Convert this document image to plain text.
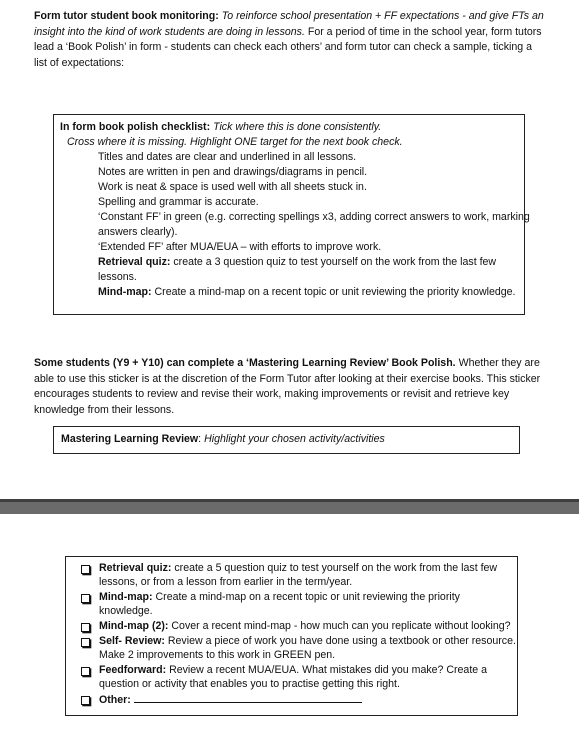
Form tutor student book monitoring: To reinforce school presentation + FF expectations - and give FTs an insight into the kind of work students are doing in lessons. For a period of time in the school year, form tutors lead a ‘Book Polish’ in form - students can check each others’ and form tutor can check a sample, ticking a list of expectations:
In form book polish checklist: Tick where this is done consistently.
Cross where it is missing. Highlight ONE target for the next book check.
Titles and dates are clear and underlined in all lessons.
Notes are written in pen and drawings/diagrams in pencil.
Work is neat & space is used well with all sheets stuck in.
Spelling and grammar is accurate.
‘Constant FF’ in green (e.g. correcting spellings x3, adding correct answers to work, marking
answers clearly).
‘Extended FF’ after MUA/EUA – with efforts to improve work.
Retrieval quiz: create a 3 question quiz to test yourself on the work from the last few
lessons.
Mind-map: Create a mind-map on a recent topic or unit reviewing the priority knowledge.
Some students (Y9 + Y10) can complete a ‘Mastering Learning Review’ Book Polish. Whether they are able to use this sticker is at the discretion of the Form Tutor after looking at their exercise books. This sticker encourages students to review and revise their work, making improvements or revisit and retrieve key knowledge from their lessons.
Mastering Learning Review: Highlight your chosen activity/activities
Retrieval quiz: create a 5 question quiz to test yourself on the work from the last few
lessons, or from a lesson from earlier in the term/year.
Mind-map: Create a mind-map on a recent topic or unit reviewing the priority
knowledge.
Mind-map (2): Cover a recent mind-map - how much can you replicate without looking?
Self- Review: Review a piece of work you have done using a textbook or other resource.
Make 2 improvements to this work in GREEN pen.
Feedforward: Review a recent MUA/EUA. What mistakes did you make? Create a
question or activity that enables you to practise getting this right.
Other:
